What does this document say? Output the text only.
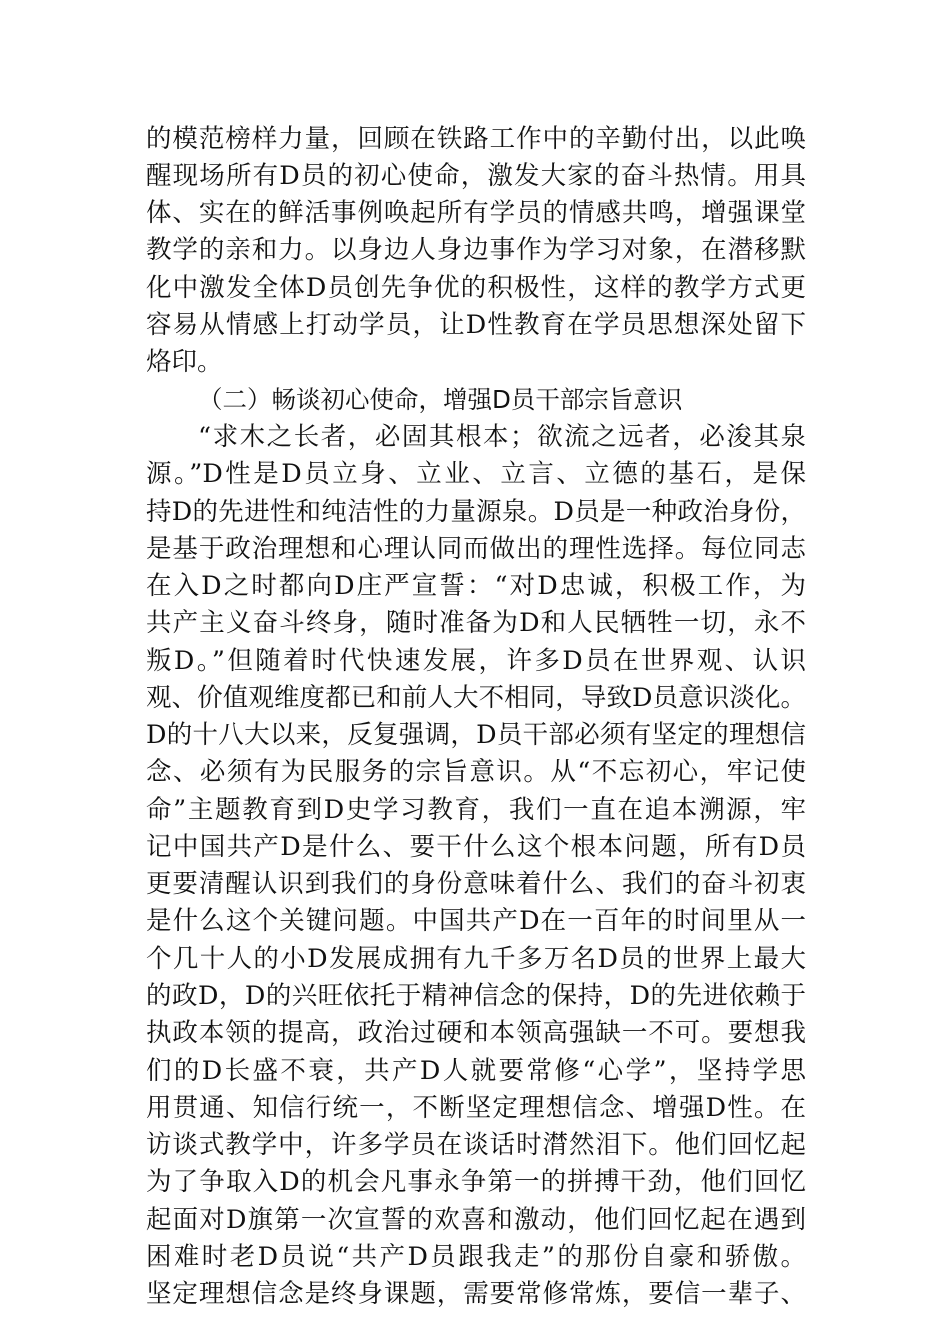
的模范榜样力量，回顾在铁路工作中的辛勤付出，以此唤
醒现场所有D员的初心使命，激发大家的奋斗热情。用具
体、实在的鲜活事例唤起所有学员的情感共鸣，增强课堂
教学的亲和力。以身边人身边事作为学习对象，在潜移默
化中激发全体D员创先争优的积极性，这样的教学方式更
容易从情感上打动学员，让D性教育在学员思想深处留下
烙印。
（二）畅谈初心使命，增强D员干部宗旨意识
“求木之长者，必固其根本；欲流之远者，必浚其泉
源。”D性是D员立身、立业、立言、立德的基石，是保
持D的先进性和纯洁性的力量源泉。D员是一种政治身份，
是基于政治理想和心理认同而做出的理性选择。每位同志
在入D之时都向D庄严宣誓：“对D忠诚，积极工作，为
共产主义奋斗终身，随时准备为D和人民牺牲一切，永不
叛D。”但随着时代快速发展，许多D员在世界观、认识
观、价值观维度都已和前人大不相同，导致D员意识淡化。
D的十八大以来，反复强调，D员干部必须有坚定的理想信
念、必须有为民服务的宗旨意识。从“不忘初心，牢记使
命”主题教育到D史学习教育，我们一直在追本溯源，牢
记中国共产D是什么、要干什么这个根本问题，所有D员
更要清醒认识到我们的身份意味着什么、我们的奋斗初衷
是什么这个关键问题。中国共产D在一百年的时间里从一
个几十人的小D发展成拥有九千多万名D员的世界上最大
的政D，D的兴旺依托于精神信念的保持，D的先进依赖于
执政本领的提高，政治过硬和本领高强缺一不可。要想我
们的D长盛不衰，共产D人就要常修“心学”，坚持学思
用贯通、知信行统一，不断坚定理想信念、增强D性。在
访谈式教学中，许多学员在谈话时潸然泪下。他们回忆起
为了争取入D的机会凡事永争第一的拼搏干劲，他们回忆
起面对D旗第一次宣誓的欢喜和激动，他们回忆起在遇到
困难时老D员说“共产D员跟我走”的那份自豪和骄傲。
坚定理想信念是终身课题，需要常修常炼，要信一辈子、
